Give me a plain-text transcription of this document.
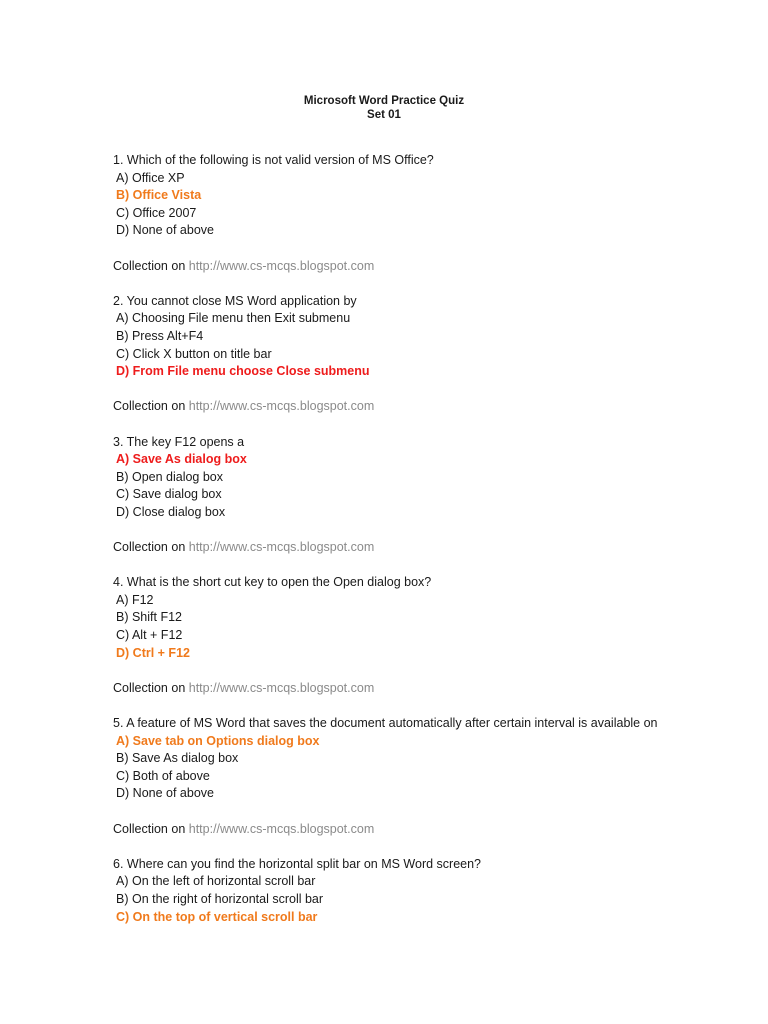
Microsoft Word Practice Quiz
Set 01
1. Which of the following is not valid version of MS Office?
A) Office XP
B) Office Vista
C) Office 2007
D) None of above
Collection on http://www.cs-mcqs.blogspot.com
2. You cannot close MS Word application by
A) Choosing File menu then Exit submenu
B) Press Alt+F4
C) Click X button on title bar
D) From File menu choose Close submenu
Collection on http://www.cs-mcqs.blogspot.com
3. The key F12 opens a
A) Save As dialog box
B) Open dialog box
C) Save dialog box
D) Close dialog box
Collection on http://www.cs-mcqs.blogspot.com
4. What is the short cut key to open the Open dialog box?
A) F12
B) Shift F12
C) Alt + F12
D) Ctrl + F12
Collection on http://www.cs-mcqs.blogspot.com
5. A feature of MS Word that saves the document automatically after certain interval is available on
A) Save tab on Options dialog box
B) Save As dialog box
C) Both of above
D) None of above
Collection on http://www.cs-mcqs.blogspot.com
6. Where can you find the horizontal split bar on MS Word screen?
A) On the left of horizontal scroll bar
B) On the right of horizontal scroll bar
C) On the top of vertical scroll bar
